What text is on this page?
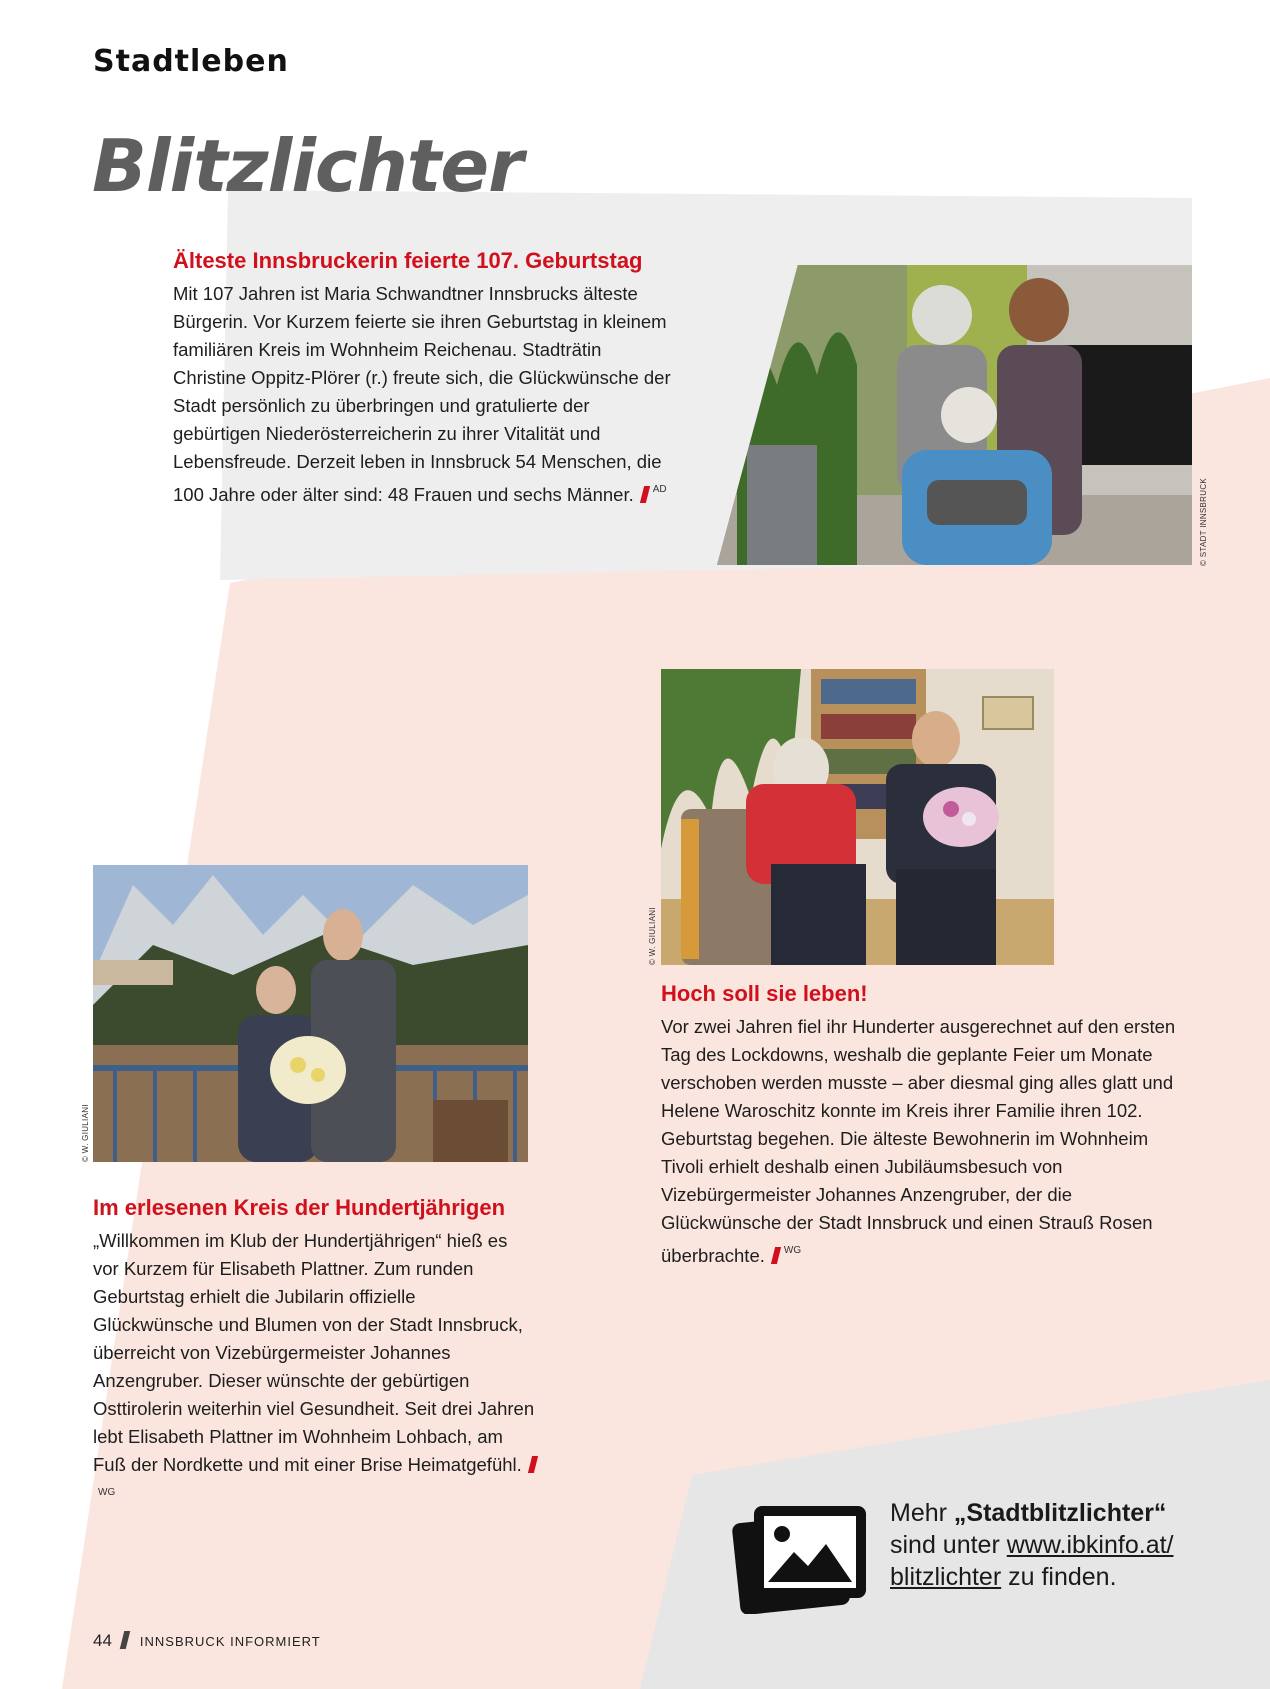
Stadtleben
Blitzlichter
Älteste Innsbruckerin feierte 107. Geburtstag

Mit 107 Jahren ist Maria Schwandtner Innsbrucks älteste Bürgerin. Vor Kurzem feierte sie ihren Geburtstag in kleinem familiären Kreis im Wohnheim Reichenau. Stadträtin Christine Oppitz-Plörer (r.) freute sich, die Glückwünsche der Stadt persönlich zu überbringen und gratulierte der gebürtigen Niederösterreicherin zu ihrer Vitalität und Lebensfreude. Derzeit leben in Innsbruck 54 Menschen, die 100 Jahre oder älter sind: 48 Frauen und sechs Männer. $^{AD}$	© STADT INNSBRUCK
© W. GIULIANI
Hoch soll sie leben!

Vor zwei Jahren fiel ihr Hunderter ausgerechnet auf den ersten Tag des Lockdowns, weshalb die geplante Feier um Monate verschoben werden musste – aber diesmal ging alles glatt und Helene Waroschitz konnte im Kreis ihrer Familie ihren 102. Geburtstag begehen. Die älteste Bewohnerin im Wohnheim Tivoli erhielt deshalb einen Jubiläumsbesuch von Vizebürgermeister Johannes Anzengruber, der die Glückwünsche der Stadt Innsbruck und einen Strauß Rosen überbrachte. $^{WG}$

© W. GIULIANI
Im erlesenen Kreis der Hundertjährigen

„Willkommen im Klub der Hundertjährigen“ hieß es vor Kurzem für Elisabeth Plattner. Zum runden Geburtstag erhielt die Jubilarin offizielle Glückwünsche und Blumen von der Stadt Innsbruck, überreicht von Vizebürgermeister Johannes Anzengruber. Dieser wünschte der gebürtigen Osttirolerin weiterhin viel Gesundheit. Seit drei Jahren lebt Elisabeth Plattner im Wohnheim Lohbach, am Fuß der Nordkette und mit einer Brise Heimatgefühl.$^{WG}$

Mehr „Stadtblitzlichter“
sind unter www.ibkinfo.at/
blitzlichter zu finden.
44 INNSBRUCK INFORMIERT
